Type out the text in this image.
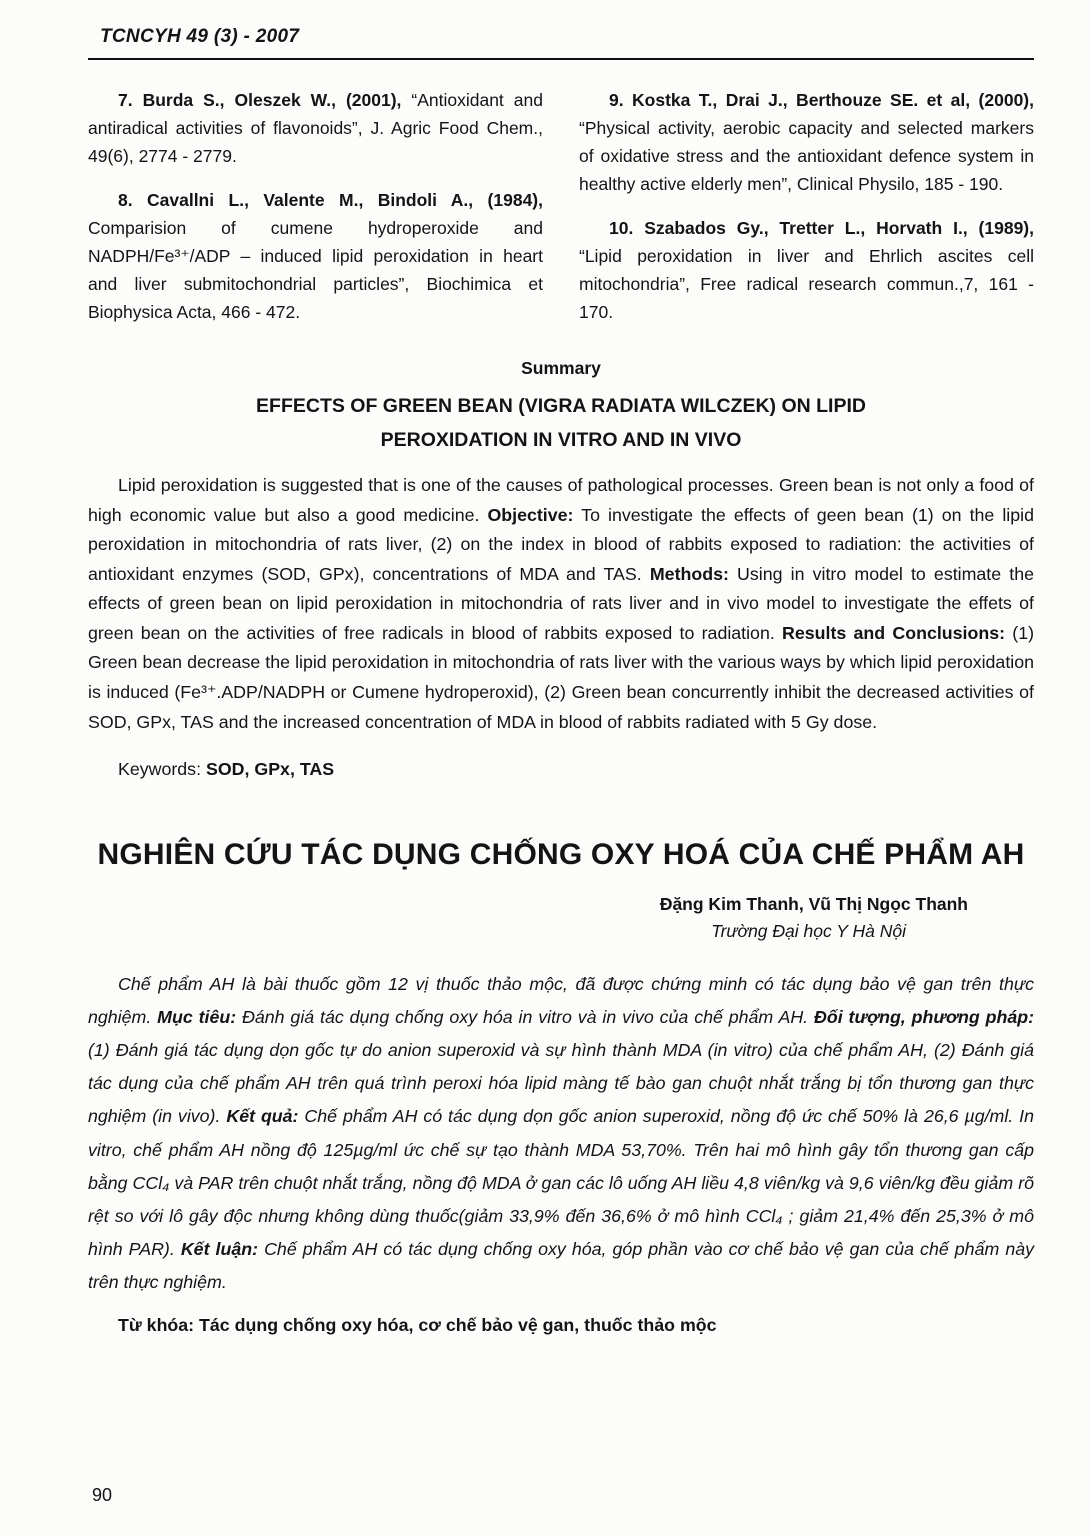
TCNCYH 49 (3) - 2007

7. Burda S., Oleszek W., (2001), “Antioxidant and antiradical activities of flavonoids”, J. Agric Food Chem., 49(6), 2774 - 2779.

8. Cavallni L., Valente M., Bindoli A., (1984), Comparision of cumene hydroperoxide and NADPH/Fe³⁺/ADP – induced lipid peroxidation in heart and liver submitochondrial particles”, Biochimica et Biophysica Acta, 466 - 472.

9. Kostka T., Drai J., Berthouze SE. et al, (2000), “Physical activity, aerobic capacity and selected markers of oxidative stress and the antioxidant defence system in healthy active elderly men”, Clinical Physilo, 185 - 190.

10. Szabados Gy., Tretter L., Horvath I., (1989), “Lipid peroxidation in liver and Ehrlich ascites cell mitochondria”, Free radical research commun.,7, 161 - 170.

Summary
EFFECTS OF GREEN BEAN (VIGRA RADIATA WILCZEK) ON LIPID PEROXIDATION IN VITRO AND IN VIVO

Lipid peroxidation is suggested that is one of the causes of pathological processes. Green bean is not only a food of high economic value but also a good medicine. Objective: To investigate the effects of geen bean (1) on the lipid peroxidation in mitochondria of rats liver, (2) on the index in blood of rabbits exposed to radiation: the activities of antioxidant enzymes (SOD, GPx), concentrations of MDA and TAS. Methods: Using in vitro model to estimate the effects of green bean on lipid peroxidation in mitochondria of rats liver and in vivo model to investigate the effets of green bean on the activities of free radicals in blood of rabbits exposed to radiation. Results and Conclusions: (1) Green bean decrease the lipid peroxidation in mitochondria of rats liver with the various ways by which lipid peroxidation is induced (Fe³⁺.ADP/NADPH or Cumene hydroperoxid), (2) Green bean concurrently inhibit the decreased activities of SOD, GPx, TAS and the increased concentration of MDA in blood of rabbits radiated with 5 Gy dose.

Keywords: SOD, GPx, TAS

NGHIÊN CỨU TÁC DỤNG CHỐNG OXY HOÁ CỦA CHẾ PHẨM AH
Đặng Kim Thanh, Vũ Thị Ngọc Thanh
Trường Đại học Y Hà Nội

Chế phẩm AH là bài thuốc gồm 12 vị thuốc thảo mộc, đã được chứng minh có tác dụng bảo vệ gan trên thực nghiệm. Mục tiêu: Đánh giá tác dụng chống oxy hóa in vitro và in vivo của chế phẩm AH. Đối tượng, phương pháp: (1) Đánh giá tác dụng dọn gốc tự do anion superoxid và sự hình thành MDA (in vitro) của chế phẩm AH, (2) Đánh giá tác dụng của chế phẩm AH trên quá trình peroxi hóa lipid màng tế bào gan chuột nhắt trắng bị tổn thương gan thực nghiệm (in vivo). Kết quả: Chế phẩm AH có tác dụng dọn gốc anion superoxid, nồng độ ức chế 50% là 26,6 µg/ml. In vitro, chế phẩm AH nồng độ 125µg/ml ức chế sự tạo thành MDA 53,70%. Trên hai mô hình gây tổn thương gan cấp bằng CCl₄ và PAR trên chuột nhắt trắng, nồng độ MDA ở gan các lô uống AH liều 4,8 viên/kg và 9,6 viên/kg đều giảm rõ rệt so với lô gây độc nhưng không dùng thuốc(giảm 33,9% đến 36,6% ở mô hình CCl₄ ; giảm 21,4% đến 25,3% ở mô hình PAR). Kết luận: Chế phẩm AH có tác dụng chống oxy hóa, góp phần vào cơ chế bảo vệ gan của chế phẩm này trên thực nghiệm.

Từ khóa: Tác dụng chống oxy hóa, cơ chế bảo vệ gan, thuốc thảo mộc

90
